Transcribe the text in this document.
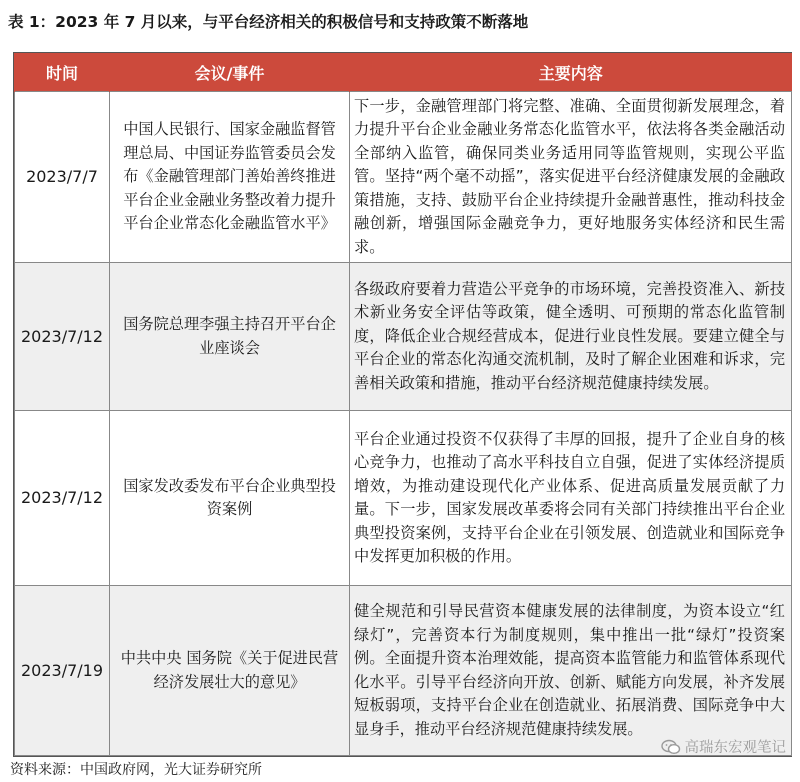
表 1：2023 年 7 月以来，与平台经济相关的积极信号和支持政策不断落地
时间	会议/事件	主要内容
2023/7/7	中国人民银行、国家金融监督管理总局、中国证券监管委员会发布《金融管理部门善始善终推进平台企业金融业务整改着力提升平台企业常态化金融监管水平》	下一步，金融管理部门将完整、准确、全面贯彻新发展理念，着力提升平台企业金融业务常态化监管水平，依法将各类金融活动全部纳入监管，确保同类业务适用同等监管规则，实现公平监管。坚持“两个毫不动摇”，落实促进平台经济健康发展的金融政策措施，支持、鼓励平台企业持续提升金融普惠性，推动科技金融创新，增强国际金融竞争力，更好地服务实体经济和民生需求。
2023/7/12	国务院总理李强主持召开平台企业座谈会	各级政府要着力营造公平竞争的市场环境，完善投资准入、新技术新业务安全评估等政策，健全透明、可预期的常态化监管制度，降低企业合规经营成本，促进行业良性发展。要建立健全与平台企业的常态化沟通交流机制，及时了解企业困难和诉求，完善相关政策和措施，推动平台经济规范健康持续发展。
2023/7/12	国家发改委发布平台企业典型投资案例	平台企业通过投资不仅获得了丰厚的回报，提升了企业自身的核心竞争力，也推动了高水平科技自立自强，促进了实体经济提质增效，为推动建设现代化产业体系、促进高质量发展贡献了力量。下一步，国家发展改革委将会同有关部门持续推出平台企业典型投资案例，支持平台企业在引领发展、创造就业和国际竞争中发挥更加积极的作用。
2023/7/19	中共中央 国务院《关于促进民营经济发展壮大的意见》	健全规范和引导民营资本健康发展的法律制度，为资本设立“红绿灯”，完善资本行为制度规则，集中推出一批“绿灯”投资案例。全面提升资本治理效能，提高资本监管能力和监管体系现代化水平。引导平台经济向开放、创新、赋能方向发展，补齐发展短板弱项，支持平台企业在创造就业、拓展消费、国际竞争中大显身手，推动平台经济规范健康持续发展。
高瑞东宏观笔记
资料来源：中国政府网，光大证券研究所
